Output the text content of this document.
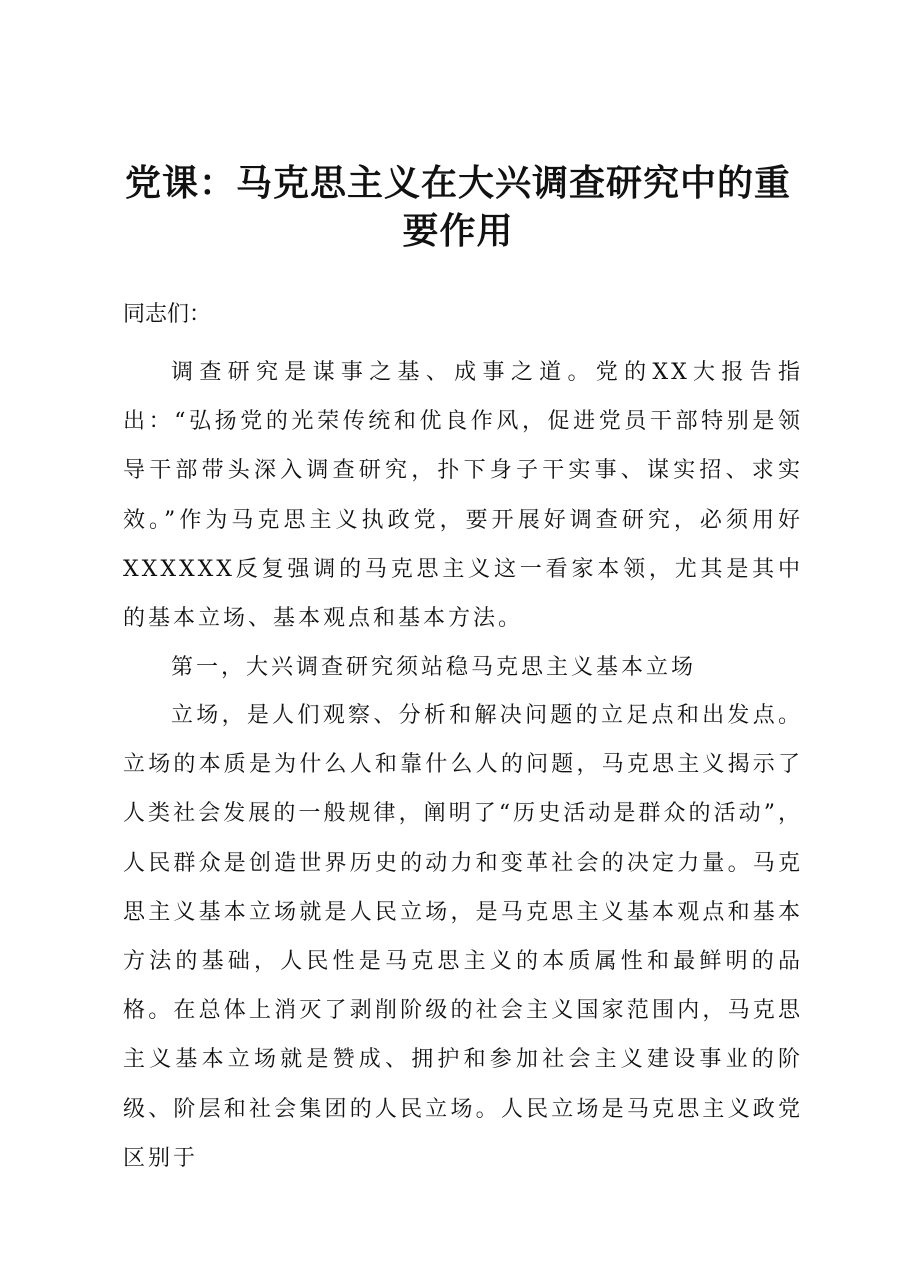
党课：马克思主义在大兴调查研究中的重要作用
同志们：
调查研究是谋事之基、成事之道。党的XX大报告指出：“弘扬党的光荣传统和优良作风，促进党员干部特别是领导干部带头深入调查研究，扑下身子干实事、谋实招、求实效。”作为马克思主义执政党，要开展好调查研究，必须用好XXXXXX反复强调的马克思主义这一看家本领，尤其是其中的基本立场、基本观点和基本方法。
第一，大兴调查研究须站稳马克思主义基本立场
立场，是人们观察、分析和解决问题的立足点和出发点。立场的本质是为什么人和靠什么人的问题，马克思主义揭示了人类社会发展的一般规律，阐明了“历史活动是群众的活动”，人民群众是创造世界历史的动力和变革社会的决定力量。马克思主义基本立场就是人民立场，是马克思主义基本观点和基本方法的基础，人民性是马克思主义的本质属性和最鲜明的品格。在总体上消灭了剥削阶级的社会主义国家范围内，马克思主义基本立场就是赞成、拥护和参加社会主义建设事业的阶级、阶层和社会集团的人民立场。人民立场是马克思主义政党区别于
